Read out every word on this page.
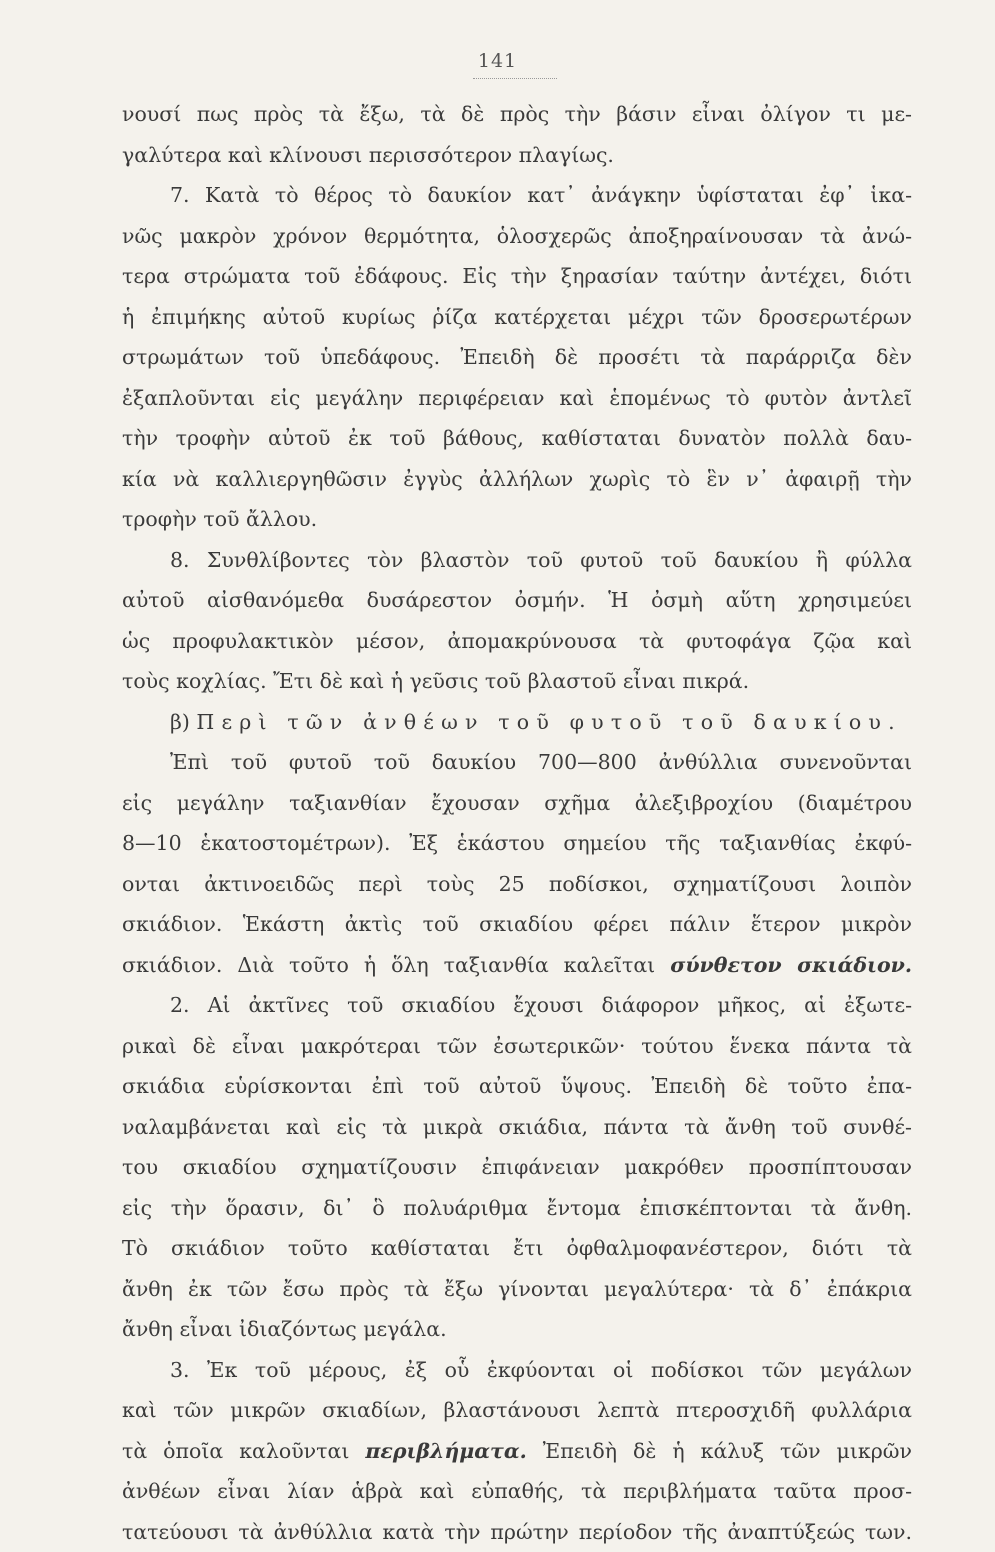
141
νουσί πως πρὸς τὰ ἔξω, τὰ δὲ πρὸς τὴν βάσιν εἶναι ὀλίγον τι με-
γαλύτερα καὶ κλίνουσι περισσότερον πλαγίως.
7. Κατὰ τὸ θέρος τὸ δαυκίον κατ᾽ ἀνάγκην ὑφίσταται ἐφ᾽ ἱκα-
νῶς μακρὸν χρόνον θερμότητα, ὁλοσχερῶς ἀποξηραίνουσαν τὰ ἀνώ-
τερα στρώματα τοῦ ἐδάφους. Εἰς τὴν ξηρασίαν ταύτην ἀντέχει, διότι
ἡ ἐπιμήκης αὐτοῦ κυρίως ῥίζα κατέρχεται μέχρι τῶν δροσερωτέρων
στρωμάτων τοῦ ὑπεδάφους. Ἐπειδὴ δὲ προσέτι τὰ παράρριζα δὲν
ἐξαπλοῦνται εἰς μεγάλην περιφέρειαν καὶ ἑπομένως τὸ φυτὸν ἀντλεῖ
τὴν τροφὴν αὐτοῦ ἐκ τοῦ βάθους, καθίσταται δυνατὸν πολλὰ δαυ-
κία νὰ καλλιεργηθῶσιν ἐγγὺς ἀλλήλων χωρὶς τὸ ἓν ν᾽ ἀφαιρῇ τὴν
τροφὴν τοῦ ἄλλου.
8. Συνθλίβοντες τὸν βλαστὸν τοῦ φυτοῦ τοῦ δαυκίου ἢ φύλλα
αὐτοῦ αἰσθανόμεθα δυσάρεστον ὀσμήν. Ἡ ὀσμὴ αὕτη χρησιμεύει
ὡς προφυλακτικὸν μέσον, ἀπομακρύνουσα τὰ φυτοφάγα ζῷα καὶ
τοὺς κοχλίας. Ἔτι δὲ καὶ ἡ γεῦσις τοῦ βλαστοῦ εἶναι πικρά.
β) Περὶ τῶν ἀνθέων τοῦ φυτοῦ τοῦ δαυκίου.
Ἐπὶ τοῦ φυτοῦ τοῦ δαυκίου 700—800 ἀνθύλλια συνενοῦνται
εἰς μεγάλην ταξιανθίαν ἔχουσαν σχῆμα ἀλεξιβροχίου (διαμέτρου
8—10 ἑκατοστομέτρων). Ἐξ ἑκάστου σημείου τῆς ταξιανθίας ἐκφύ-
ονται ἀκτινοειδῶς περὶ τοὺς 25 ποδίσκοι, σχηματίζουσι λοιπὸν
σκιάδιον. Ἑκάστη ἀκτὶς τοῦ σκιαδίου φέρει πάλιν ἕτερον μικρὸν
σκιάδιον. Διὰ τοῦτο ἡ ὅλη ταξιανθία καλεῖται σύνθετον σκιάδιον.
2. Αἱ ἀκτῖνες τοῦ σκιαδίου ἔχουσι διάφορον μῆκος, αἱ ἐξωτε-
ρικαὶ δὲ εἶναι μακρότεραι τῶν ἐσωτερικῶν· τούτου ἕνεκα πάντα τὰ
σκιάδια εὑρίσκονται ἐπὶ τοῦ αὐτοῦ ὕψους. Ἐπειδὴ δὲ τοῦτο ἐπα-
ναλαμβάνεται καὶ εἰς τὰ μικρὰ σκιάδια, πάντα τὰ ἄνθη τοῦ συνθέ-
του σκιαδίου σχηματίζουσιν ἐπιφάνειαν μακρόθεν προσπίπτουσαν
εἰς τὴν ὅρασιν, δι᾽ ὃ πολυάριθμα ἔντομα ἐπισκέπτονται τὰ ἄνθη.
Τὸ σκιάδιον τοῦτο καθίσταται ἔτι ὀφθαλμοφανέστερον, διότι τὰ
ἄνθη ἐκ τῶν ἔσω πρὸς τὰ ἔξω γίνονται μεγαλύτερα· τὰ δ᾽ ἐπάκρια
ἄνθη εἶναι ἰδιαζόντως μεγάλα.
3. Ἐκ τοῦ μέρους, ἐξ οὗ ἐκφύονται οἱ ποδίσκοι τῶν μεγάλων
καὶ τῶν μικρῶν σκιαδίων, βλαστάνουσι λεπτὰ πτεροσχιδῆ φυλλάρια
τὰ ὁποῖα καλοῦνται περιβλήματα. Ἐπειδὴ δὲ ἡ κάλυξ τῶν μικρῶν
ἀνθέων εἶναι λίαν ἁβρὰ καὶ εὐπαθής, τὰ περιβλήματα ταῦτα προσ-
τατεύουσι τὰ ἀνθύλλια κατὰ τὴν πρώτην περίοδον τῆς ἀναπτύξεώς των.
